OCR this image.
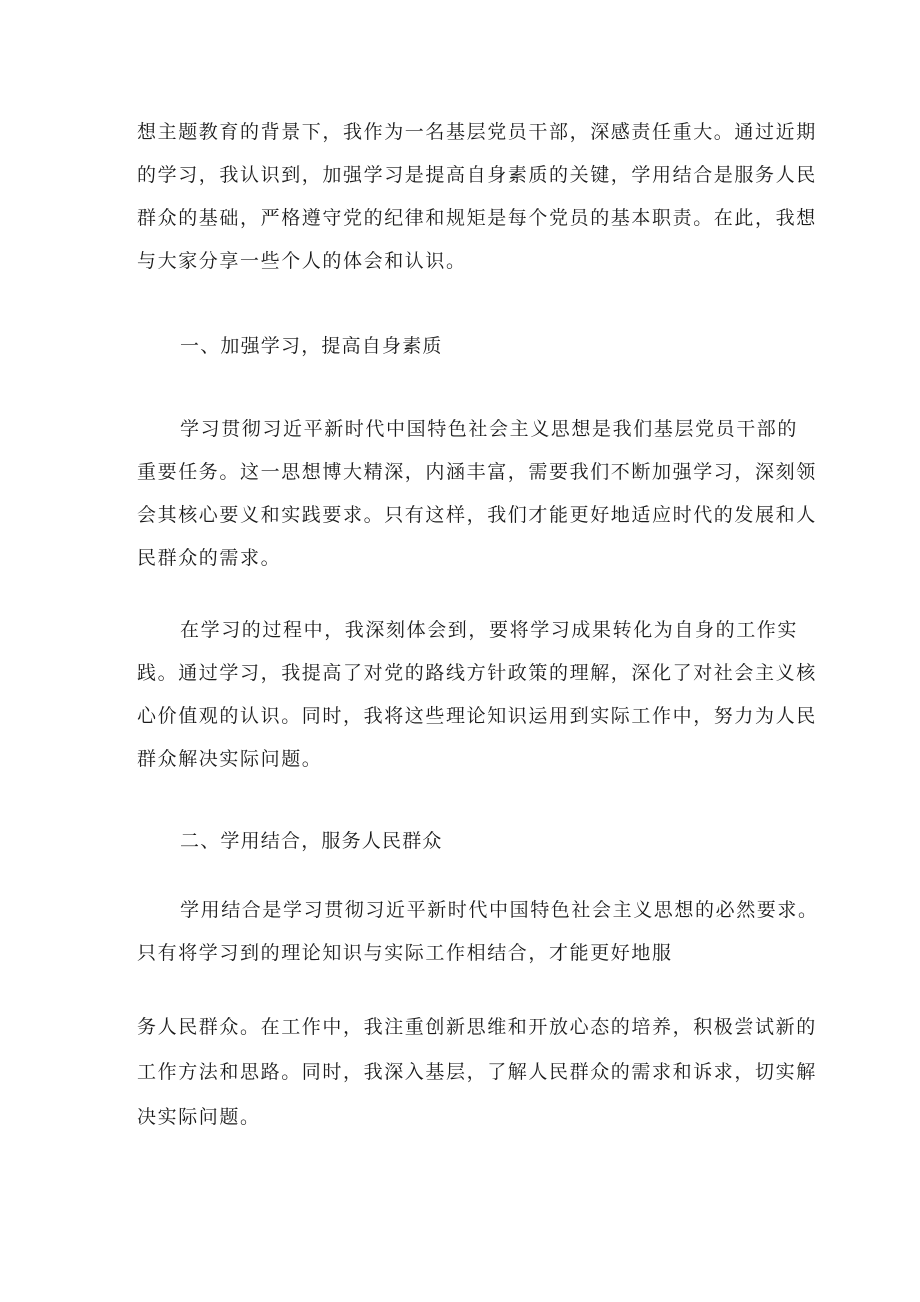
想主题教育的背景下，我作为一名基层党员干部，深感责任重大。通过近期
的学习，我认识到，加强学习是提高自身素质的关键，学用结合是服务人民
群众的基础，严格遵守党的纪律和规矩是每个党员的基本职责。在此，我想
与大家分享一些个人的体会和认识。
一、加强学习，提高自身素质
学习贯彻习近平新时代中国特色社会主义思想是我们基层党员干部的
重要任务。这一思想博大精深，内涵丰富，需要我们不断加强学习，深刻领
会其核心要义和实践要求。只有这样，我们才能更好地适应时代的发展和人
民群众的需求。
在学习的过程中，我深刻体会到，要将学习成果转化为自身的工作实
践。通过学习，我提高了对党的路线方针政策的理解，深化了对社会主义核
心价值观的认识。同时，我将这些理论知识运用到实际工作中，努力为人民
群众解决实际问题。
二、学用结合，服务人民群众
学用结合是学习贯彻习近平新时代中国特色社会主义思想的必然要求。
只有将学习到的理论知识与实际工作相结合，才能更好地服
务人民群众。在工作中，我注重创新思维和开放心态的培养，积极尝试新的
工作方法和思路。同时，我深入基层，了解人民群众的需求和诉求，切实解
决实际问题。
